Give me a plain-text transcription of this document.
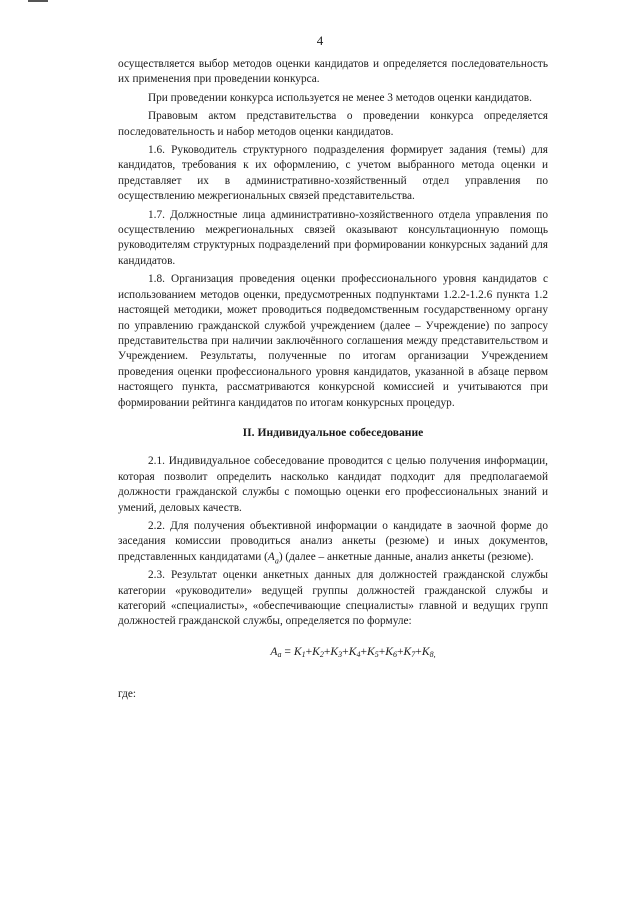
4

осуществляется выбор методов оценки кандидатов и определяется последовательность их применения при проведении конкурса.

При проведении конкурса используется не менее 3 методов оценки кандидатов.

Правовым актом представительства о проведении конкурса определяется последовательность и набор методов оценки кандидатов.

1.6. Руководитель структурного подразделения формирует задания (темы) для кандидатов, требования к их оформлению, с учетом выбранного метода оценки и представляет их в административно-хозяйственный отдел управления по осуществлению межрегиональных связей представительства.

1.7. Должностные лица административно-хозяйственного отдела управления по осуществлению межрегиональных связей оказывают консультационную помощь руководителям структурных подразделений при формировании конкурсных заданий для кандидатов.

1.8. Организация проведения оценки профессионального уровня кандидатов с использованием методов оценки, предусмотренных подпунктами 1.2.2-1.2.6 пункта 1.2 настоящей методики, может проводиться подведомственным государственному органу по управлению гражданской службой учреждением (далее – Учреждение) по запросу представительства при наличии заключённого соглашения между представительством и Учреждением. Результаты, полученные по итогам организации Учреждением проведения оценки профессионального уровня кандидатов, указанной в абзаце первом настоящего пункта, рассматриваются конкурсной комиссией и учитываются при формировании рейтинга кандидатов по итогам конкурсных процедур.

II. Индивидуальное собеседование

2.1. Индивидуальное собеседование проводится с целью получения информации, которая позволит определить насколько кандидат подходит для предполагаемой должности гражданской службы с помощью оценки его профессиональных знаний и умений, деловых качеств.

2.2. Для получения объективной информации о кандидате в заочной форме до заседания комиссии проводиться анализ анкеты (резюме) и иных документов, представленных кандидатами $(A_a)$ (далее – анкетные данные, анализ анкеты (резюме).

2.3. Результат оценки анкетных данных для должностей гражданской службы категории «руководители» ведущей группы должностей гражданской службы и категорий «специалисты», «обеспечивающие специалисты» главной и ведущих групп должностей гражданской службы, определяется по формуле:

$A_a = K_1+K_2+K_3+K_4+K_5+K_6+K_7+K_{8,}$

где:
